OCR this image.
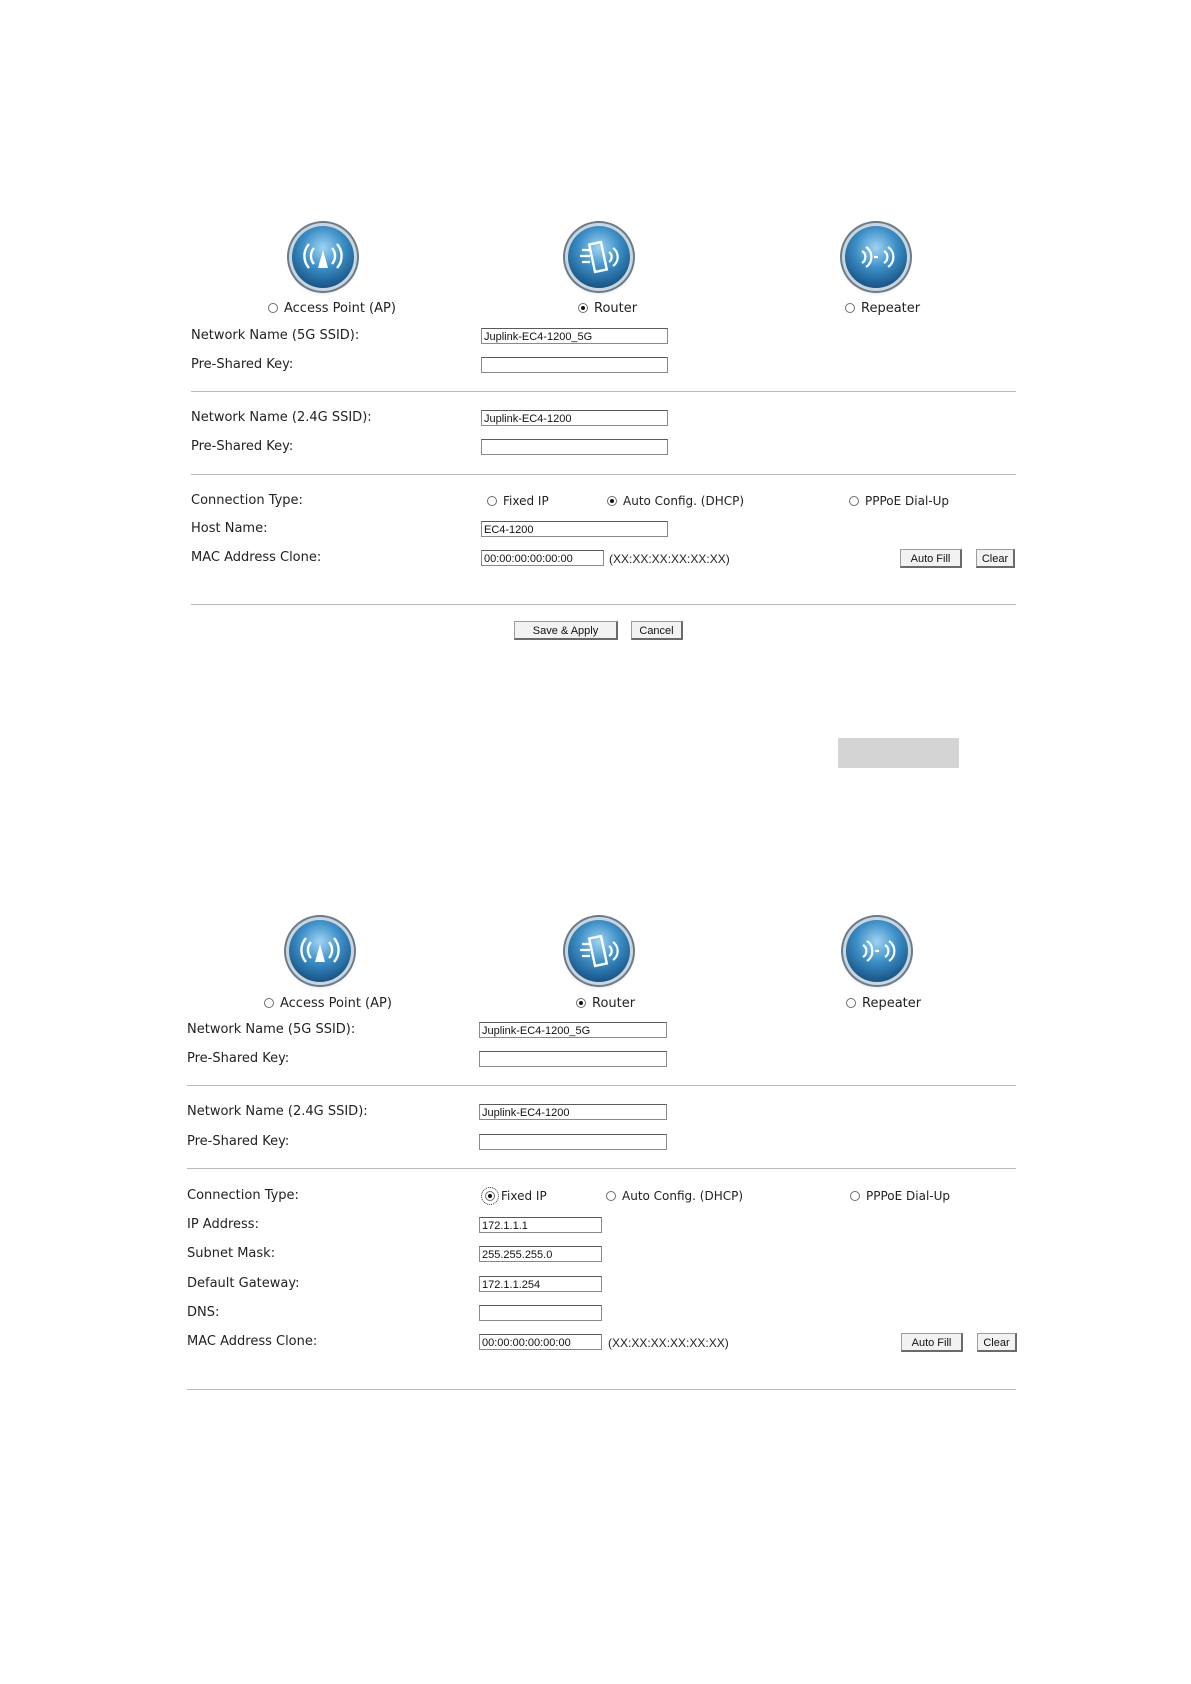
Access Point (AP)	Router	Repeater
Network Name (5G SSID):	Juplink-EC4-1200_5G
Pre-Shared Key:
Network Name (2.4G SSID):	Juplink-EC4-1200
Pre-Shared Key:
Connection Type:	Fixed IP	Auto Config. (DHCP)	PPPoE Dial-Up
Host Name:	EC4-1200
MAC Address Clone:	00:00:00:00:00:00	(XX:XX:XX:XX:XX:XX)	Auto Fill	Clear
Save & Apply	Cancel
Access Point (AP)	Router	Repeater
Network Name (5G SSID):	Juplink-EC4-1200_5G
Pre-Shared Key:
Network Name (2.4G SSID):	Juplink-EC4-1200
Pre-Shared Key:
Connection Type:	Fixed IP	Auto Config. (DHCP)	PPPoE Dial-Up
IP Address:	172.1.1.1
Subnet Mask:	255.255.255.0
Default Gateway:	172.1.1.254
DNS:
MAC Address Clone:	00:00:00:00:00:00	(XX:XX:XX:XX:XX:XX)	Auto Fill	Clear
